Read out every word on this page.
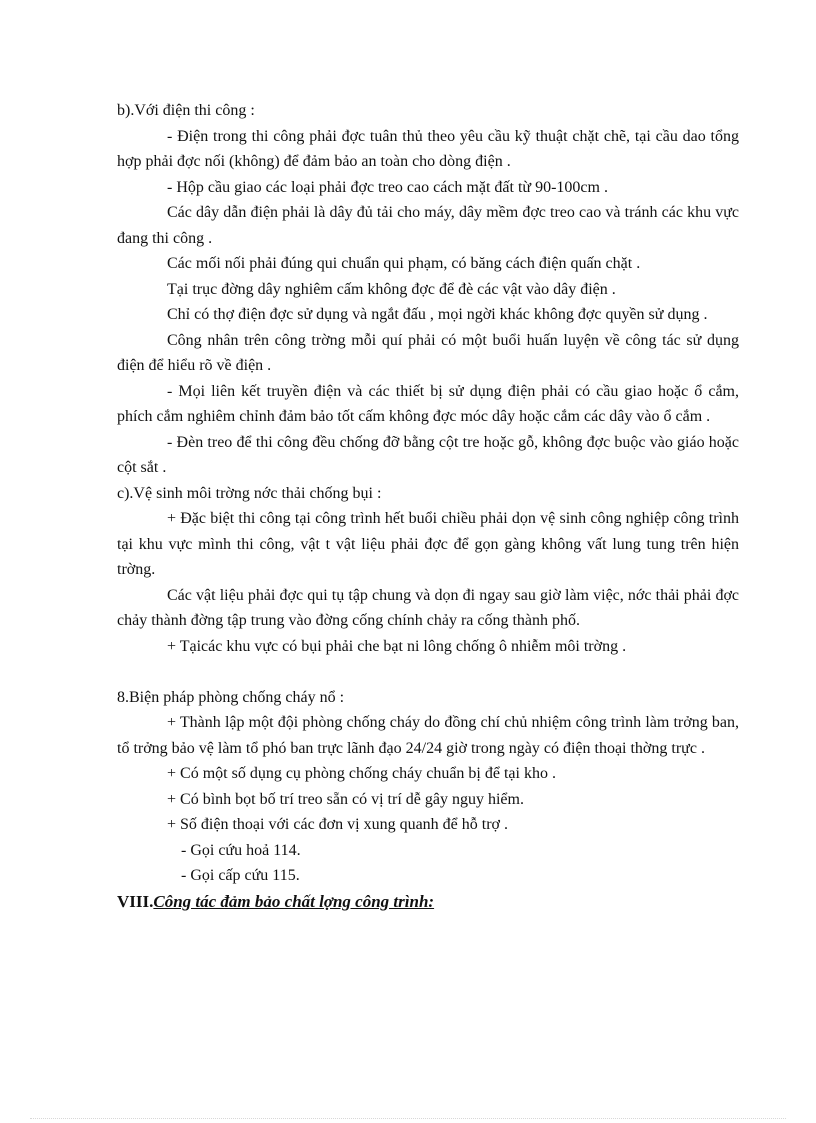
b).Với điện thi công :

- Điện trong thi công phải đợc tuân thủ theo yêu cầu kỹ thuật chặt chẽ, tại cầu dao tổng hợp phải đợc nối (không) để đảm bảo an toàn cho dòng điện .

- Hộp cầu giao các loại phải đợc treo cao cách mặt đất từ 90-100cm .

Các dây dẫn điện phải là dây đủ tải cho máy, dây mềm đợc treo cao và tránh các khu vực đang thi công .

Các mối nối phải đúng qui chuẩn qui phạm, có băng cách điện quấn chặt .

Tại trục đờng dây nghiêm cấm không đợc để đè các vật vào dây điện .

Chỉ có thợ điện đợc sử dụng và ngắt đấu , mọi ngời khác không đợc quyền sử dụng .

Công nhân trên công trờng mỗi quí phải có một buổi huấn luyện về công tác sử dụng điện để hiểu rõ về điện .

- Mọi liên kết truyền điện và các thiết bị sử dụng điện phải có cầu giao hoặc ổ cắm, phích cắm nghiêm chỉnh đảm bảo tốt cấm không đợc móc dây hoặc cắm các dây vào ổ cắm .

- Đèn treo để thi công đều chống đỡ bằng cột tre hoặc gỗ, không đợc buộc vào giáo hoặc cột sắt .

c).Vệ sinh môi trờng nớc thải chống bụi :

+ Đặc biệt thi công tại công trình hết buổi chiều phải dọn vệ sinh công nghiệp công trình tại khu vực mình thi công, vật t vật liệu phải đợc để gọn gàng không vất lung tung trên hiện trờng.

Các vật liệu phải đợc qui tụ tập chung và dọn đi ngay sau giờ làm việc, nớc thải phải đợc chảy thành đờng tập trung vào đờng cống chính chảy ra cống thành phố.

+ Tạicác khu vực có bụi phải che bạt ni lông chống ô nhiễm môi trờng .

8.Biện pháp phòng chống cháy nổ :

+ Thành lập một đội phòng chống cháy do đồng chí chủ nhiệm công trình làm trởng ban, tổ trởng bảo vệ làm tổ phó ban trực lãnh đạo 24/24 giờ trong ngày có điện thoại thờng trực .

+ Có một số dụng cụ phòng chống cháy chuẩn bị để tại kho .

+ Có bình bọt bố trí treo sẵn có vị trí dễ gây nguy hiểm.

+ Số điện thoại với các đơn vị xung quanh để hỗ trợ .

- Gọi cứu hoả 114.

- Gọi cấp cứu 115.

VIII.Công tác đảm bảo chất lợng công trình:
